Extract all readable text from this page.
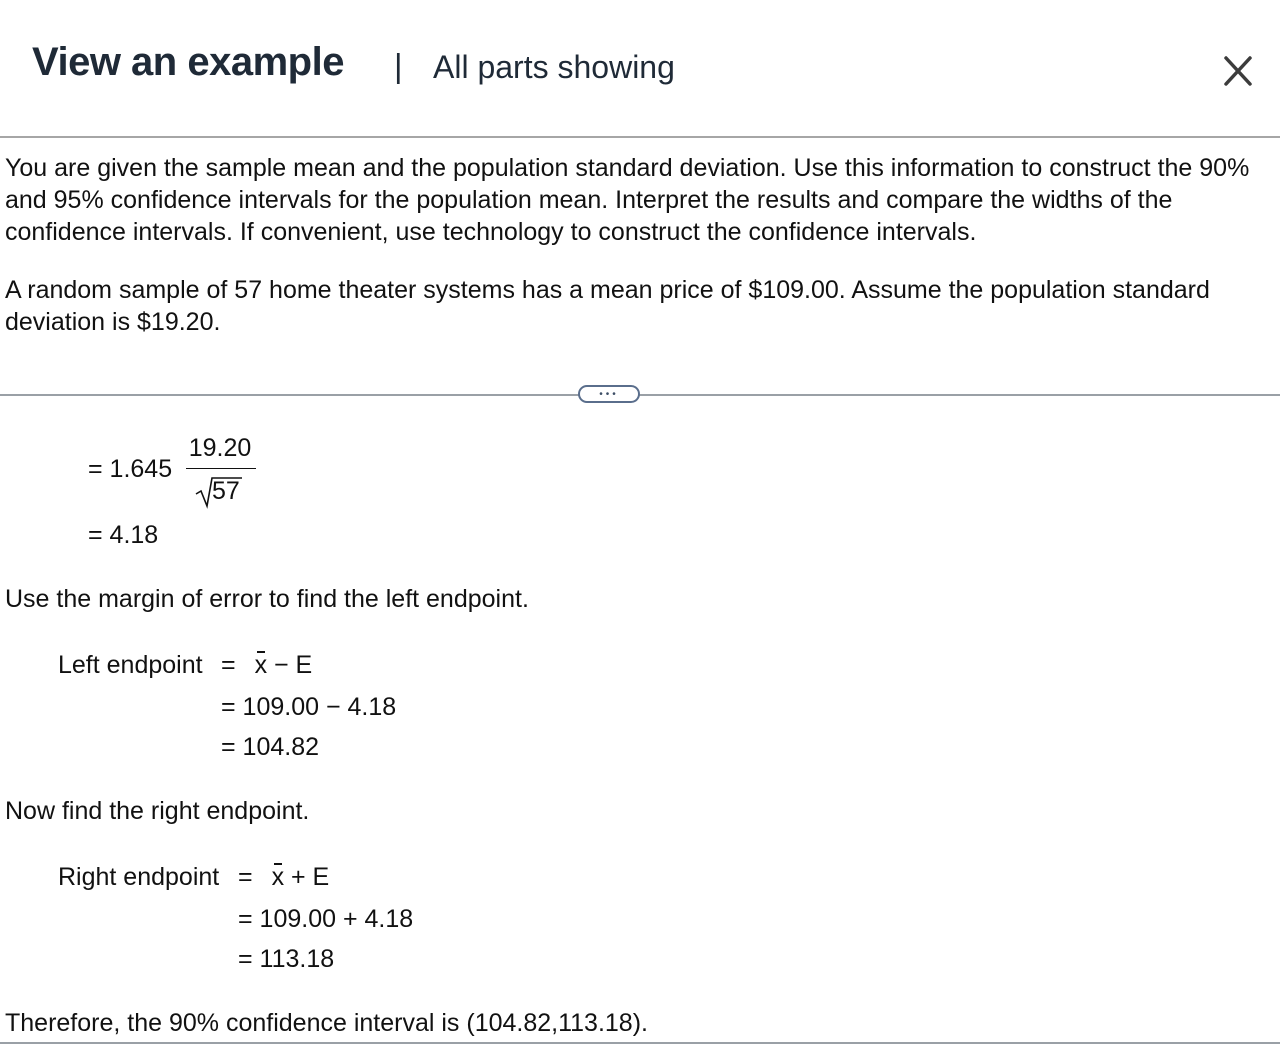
View an example | All parts showing
You are given the sample mean and the population standard deviation. Use this information to construct the 90% and 95% confidence intervals for the population mean. Interpret the results and compare the widths of the confidence intervals. If convenient, use technology to construct the confidence intervals.
A random sample of 57 home theater systems has a mean price of $109.00. Assume the population standard deviation is $19.20.
•••
= 1.645
19.20
57
= 4.18
Use the margin of error to find the left endpoint.
Left endpoint = x − E
= 109.00 − 4.18
= 104.82
Now find the right endpoint.
Right endpoint = x + E
= 109.00 + 4.18
= 113.18
Therefore, the 90% confidence interval is (104.82,113.18).
